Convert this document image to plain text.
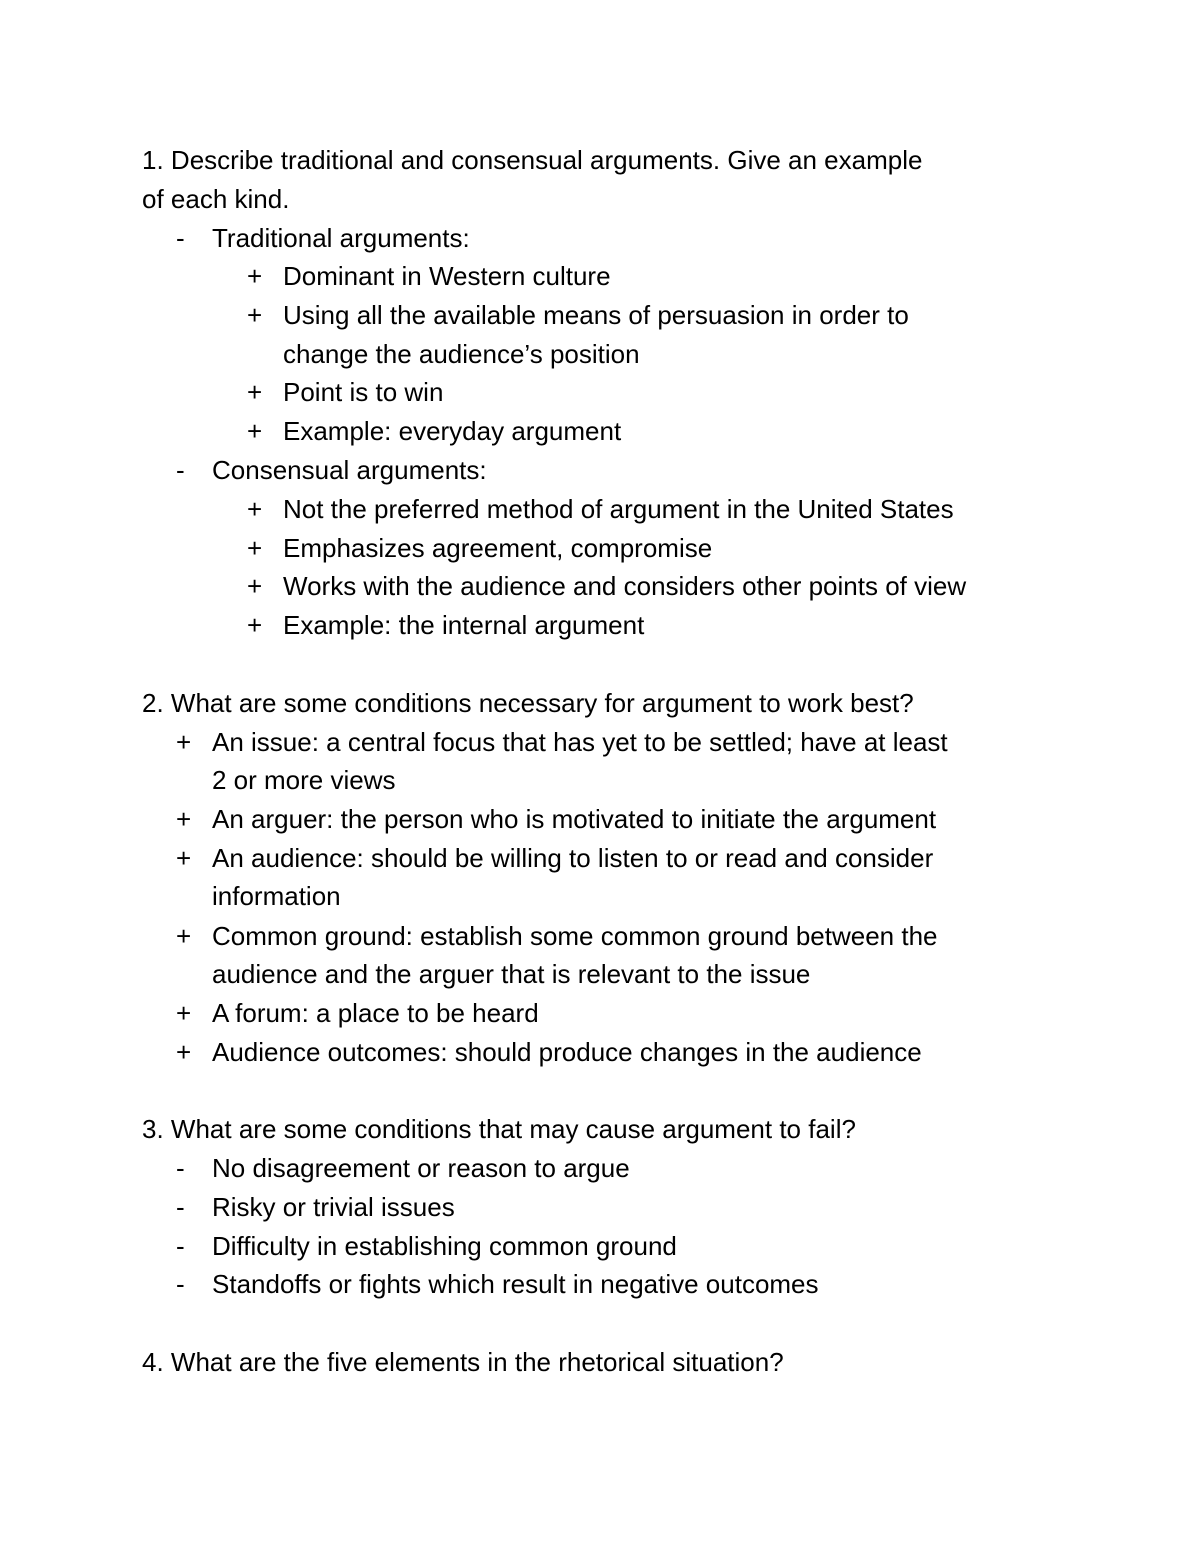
1. Describe traditional and consensual arguments. Give an example
of each kind.
- Traditional arguments:
+ Dominant in Western culture
+ Using all the available means of persuasion in order to
change the audience’s position
+ Point is to win
+ Example: everyday argument
- Consensual arguments:
+ Not the preferred method of argument in the United States
+ Emphasizes agreement, compromise
+ Works with the audience and considers other points of view
+ Example: the internal argument
2. What are some conditions necessary for argument to work best?
+ An issue: a central focus that has yet to be settled; have at least
2 or more views
+ An arguer: the person who is motivated to initiate the argument
+ An audience: should be willing to listen to or read and consider
information
+ Common ground: establish some common ground between the
audience and the arguer that is relevant to the issue
+ A forum: a place to be heard
+ Audience outcomes: should produce changes in the audience
3. What are some conditions that may cause argument to fail?
- No disagreement or reason to argue
- Risky or trivial issues
- Difficulty in establishing common ground
- Standoffs or fights which result in negative outcomes
4. What are the five elements in the rhetorical situation?
